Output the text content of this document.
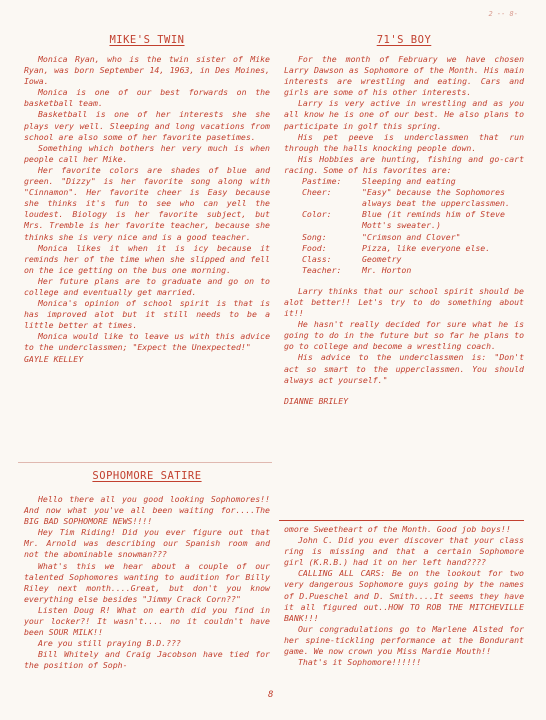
2 -- 8-
MIKE'S TWIN

Monica Ryan, who is the twin sister of Mike Ryan, was born September 14, 1963, in Des Moines, Iowa.

Monica is one of our best forwards on the basketball team.

Basketball is one of her interests she she plays very well. Sleeping and long vacations from school are also some of her favorite pasetimes.

Something which bothers her very much is when people call her Mike.

Her favorite colors are shades of blue and green. "Dizzy" is her favorite song along with "Cinnamon". Her favorite cheer is Easy because she thinks it's fun to see who can yell the loudest. Biology is her favorite subject, but Mrs. Tremble is her favorite teacher, because she thinks she is very nice and is a good teacher.

Monica likes it when it is icy because it reminds her of the time when she slipped and fell on the ice getting on the bus one morning.

Her future plans are to graduate and go on to college and eventually get married.

Monica's opinion of school spirit is that is has improved alot but it still needs to be a little better at times.

Monica would like to leave us with this advice to the underclassmen; "Expect the Unexpected!"

GAYLE KELLEY

SOPHOMORE SATIRE

Hello there all you good looking Sophomores!! And now what you've all been waiting for....The BIG BAD SOPHOMORE NEWS!!!!

Hey Tim Riding! Did you ever figure out that Mr. Arnold was describing our Spanish room and not the abominable snowman???

What's this we hear about a couple of our talented Sophomores wanting to audition for Billy Riley next month....Great, but don't you know everything else besides "Jimmy Crack Corn??"

Listen Doug R! What on earth did you find in your locker?! It wasn't.... no it couldn't have been SOUR MILK!!

Are you still praying B.D.???

Bill Whitely and Craig Jacobson have tied for the position of Soph-

8
71'S BOY

For the month of February we have chosen Larry Dawson as Sophomore of the Month. His main interests are wrestling and eating. Cars and girls are some of his other interests.

Larry is very active in wrestling and as you all know he is one of our best. He also plans to participate in golf this spring.

His pet peeve is underclassmen that run through the halls knocking people down.

His Hobbies are hunting, fishing and go-cart racing. Some of his favorites are:

Pastime:	Sleeping and eating
Cheer:	"Easy" because the Sophomores always beat the upperclassmen.
Color:	Blue (it reminds him of Steve Mott's sweater.)
Song:	"Crimson and Clover"
Food:	Pizza, like everyone else.
Class:	Geometry
Teacher:	Mr. Horton

Larry thinks that our school spirit should be alot better!! Let's try to do something about it!!

He hasn't really decided for sure what he is going to do in the future but so far he plans to go to college and become a wrestling coach.

His advice to the underclassmen is: "Don't act so smart to the upperclassmen. You should always act yourself."

DIANNE BRILEY

omore Sweetheart of the Month. Good job boys!!

John C. Did you ever discover that your class ring is missing and that a certain Sophomore girl (K.R.B.) had it on her left hand????

CALLING ALL CARS: Be on the lookout for two very dangerous Sophomore guys going by the names of D.Pueschel and D. Smith....It seems they have it all figured out..HOW TO ROB THE MITCHEVILLE BANK!!!

Our congradulations go to Marlene Alsted for her spine-tickling performance at the Bondurant game. We now crown you Miss Mardie Mouth!!

That's it Sophomore!!!!!!
